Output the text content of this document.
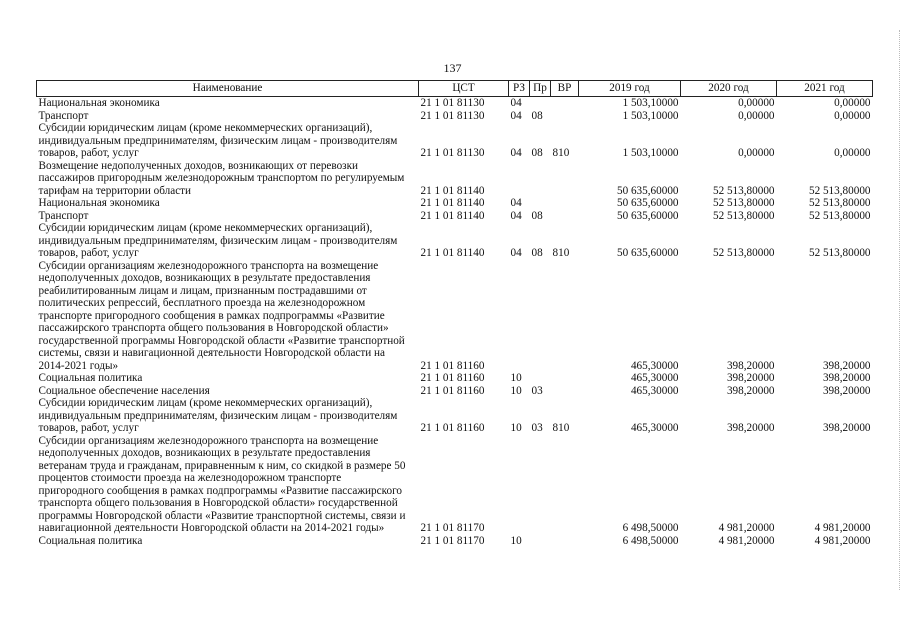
137
Наименование	ЦСТ	РЗ	Пр	ВР	2019 год	2020 год	2021 год
Национальная экономика	21 1 01 81130	04			1 503,10000	0,00000	0,00000
Транспорт	21 1 01 81130	04	08		1 503,10000	0,00000	0,00000
Субсидии юридическим лицам (кроме некоммерческих организаций), индивидуальным предпринимателям, физическим лицам - производителям товаров, работ, услуг	21 1 01 81130	04	08	810	1 503,10000	0,00000	0,00000
Возмещение недополученных доходов, возникающих от перевозки пассажиров пригородным железнодорожным транспортом по регулируемым тарифам на территории области	21 1 01 81140				50 635,60000	52 513,80000	52 513,80000
Национальная экономика	21 1 01 81140	04			50 635,60000	52 513,80000	52 513,80000
Транспорт	21 1 01 81140	04	08		50 635,60000	52 513,80000	52 513,80000
Субсидии юридическим лицам (кроме некоммерческих организаций), индивидуальным предпринимателям, физическим лицам - производителям товаров, работ, услуг	21 1 01 81140	04	08	810	50 635,60000	52 513,80000	52 513,80000
Субсидии организациям железнодорожного транспорта на возмещение недополученных доходов, возникающих в результате предоставления реабилитированным лицам и лицам, признанным пострадавшими от политических репрессий, бесплатного проезда на железнодорожном транспорте пригородного сообщения в рамках подпрограммы «Развитие пассажирского транспорта общего пользования в Новгородской области» государственной программы Новгородской области «Развитие транспортной системы, связи и навигационной деятельности Новгородской области на 2014-2021 годы»	21 1 01 81160				465,30000	398,20000	398,20000
Социальная политика	21 1 01 81160	10			465,30000	398,20000	398,20000
Социальное обеспечение населения	21 1 01 81160	10	03		465,30000	398,20000	398,20000
Субсидии юридическим лицам (кроме некоммерческих организаций), индивидуальным предпринимателям, физическим лицам - производителям товаров, работ, услуг	21 1 01 81160	10	03	810	465,30000	398,20000	398,20000
Субсидии организациям железнодорожного транспорта на возмещение недополученных доходов, возникающих в результате предоставления ветеранам труда и гражданам, приравненным к ним, со скидкой в размере 50 процентов стоимости проезда на железнодорожном транспорте пригородного сообщения в рамках подпрограммы «Развитие пассажирского транспорта общего пользования в Новгородской области» государственной программы Новгородской области «Развитие транспортной системы, связи и навигационной деятельности Новгородской области на 2014-2021 годы»	21 1 01 81170				6 498,50000	4 981,20000	4 981,20000
Социальная политика	21 1 01 81170	10			6 498,50000	4 981,20000	4 981,20000
